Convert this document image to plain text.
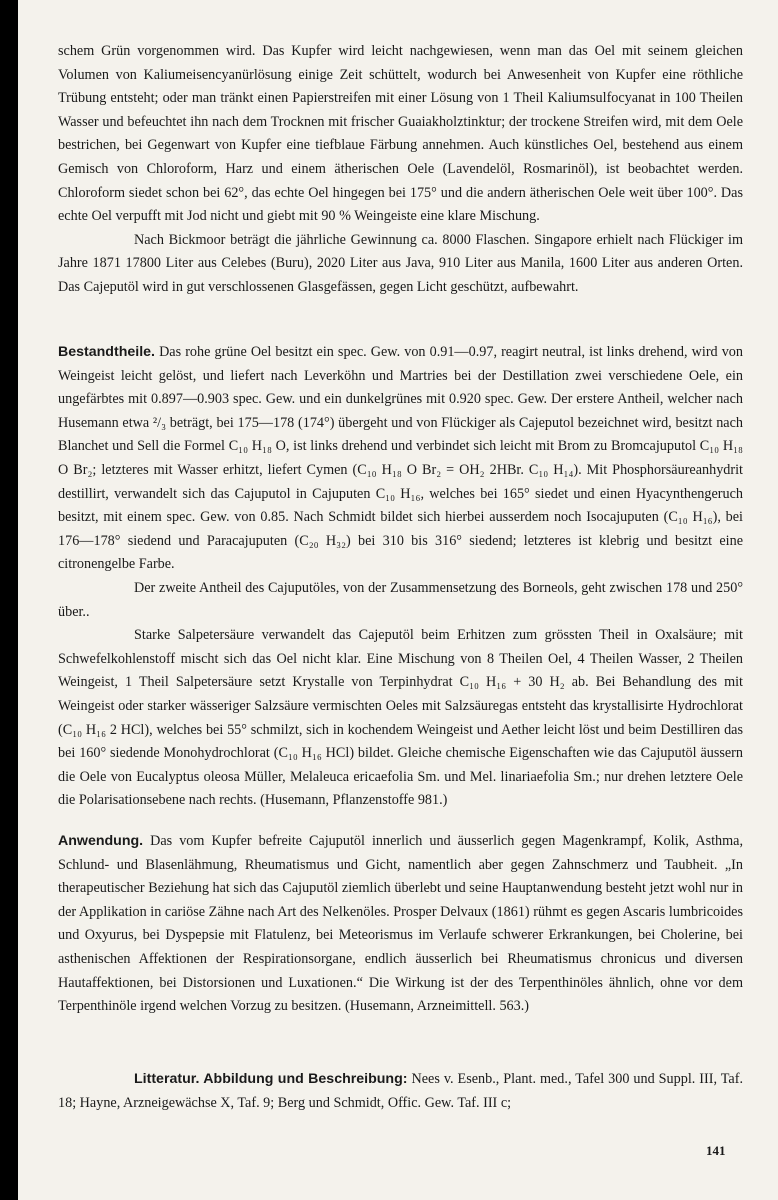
schem Grün vorgenommen wird. Das Kupfer wird leicht nachgewiesen, wenn man das Oel mit seinem gleichen Volumen von Kaliumeisencyanürlösung einige Zeit schüttelt, wodurch bei Anwesenheit von Kupfer eine röthliche Trübung entsteht; oder man tränkt einen Papierstreifen mit einer Lösung von 1 Theil Kaliumsulfocyanat in 100 Theilen Wasser und befeuchtet ihn nach dem Trocknen mit frischer Guaiakholztinktur; der trockene Streifen wird, mit dem Oele bestrichen, bei Gegenwart von Kupfer eine tiefblaue Färbung annehmen. Auch künstliches Oel, bestehend aus einem Gemisch von Chloroform, Harz und einem ätherischen Oele (Lavendelöl, Rosmarinöl), ist beobachtet werden. Chloroform siedet schon bei 62°, das echte Oel hingegen bei 175° und die andern ätherischen Oele weit über 100°. Das echte Oel verpufft mit Jod nicht und giebt mit 90 % Weingeiste eine klare Mischung.

Nach Bickmoor beträgt die jährliche Gewinnung ca. 8000 Flaschen. Singapore erhielt nach Flückiger im Jahre 1871 17800 Liter aus Celebes (Buru), 2020 Liter aus Java, 910 Liter aus Manila, 1600 Liter aus anderen Orten. Das Cajeputöl wird in gut verschlossenen Glasgefässen, gegen Licht geschützt, aufbewahrt.

Bestandtheile. Das rohe grüne Oel besitzt ein spec. Gew. von 0.91—0.97, reagirt neutral, ist links drehend, wird von Weingeist leicht gelöst, und liefert nach Leverköhn und Martries bei der Destillation zwei verschiedene Oele, ein ungefärbtes mit 0.897—0.903 spec. Gew. und ein dunkelgrünes mit 0.920 spec. Gew. Der erstere Antheil, welcher nach Husemann etwa ²/₃ beträgt, bei 175—178 (174°) übergeht und von Flückiger als Cajeputol bezeichnet wird, besitzt nach Blanchet und Sell die Formel C₁₀ H₁₈ O, ist links drehend und verbindet sich leicht mit Brom zu Bromcajuputol C₁₀ H₁₈ O Br₂; letzteres mit Wasser erhitzt, liefert Cymen (C₁₀ H₁₈ O Br₂ = OH₂ 2HBr. C₁₀ H₁₄). Mit Phosphorsäureanhydrit destillirt, verwandelt sich das Cajuputol in Cajuputen C₁₀ H₁₆, welches bei 165° siedet und einen Hyacynthengeruch besitzt, mit einem spec. Gew. von 0.85. Nach Schmidt bildet sich hierbei ausserdem noch Isocajuputen (C₁₀ H₁₆), bei 176—178° siedend und Paracajuputen (C₂₀ H₃₂) bei 310 bis 316° siedend; letzteres ist klebrig und besitzt eine citronengelbe Farbe.

Der zweite Antheil des Cajuputöles, von der Zusammensetzung des Borneols, geht zwischen 178 und 250° über..

Starke Salpetersäure verwandelt das Cajeputöl beim Erhitzen zum grössten Theil in Oxalsäure; mit Schwefelkohlenstoff mischt sich das Oel nicht klar. Eine Mischung von 8 Theilen Oel, 4 Theilen Wasser, 2 Theilen Weingeist, 1 Theil Salpetersäure setzt Krystalle von Terpinhydrat C₁₀ H₁₆ + 30 H₂ ab. Bei Behandlung des mit Weingeist oder starker wässeriger Salzsäure vermischten Oeles mit Salzsäuregas entsteht das krystallisirte Hydrochlorat (C₁₀ H₁₆ 2 HCl), welches bei 55° schmilzt, sich in kochendem Weingeist und Aether leicht löst und beim Destilliren das bei 160° siedende Monohydrochlorat (C₁₀ H₁₆ HCl) bildet. Gleiche chemische Eigenschaften wie das Cajuputöl äussern die Oele von Eucalyptus oleosa Müller, Melaleuca ericaefolia Sm. und Mel. linariaefolia Sm.; nur drehen letztere Oele die Polarisationsebene nach rechts. (Husemann, Pflanzenstoffe 981.)

Anwendung. Das vom Kupfer befreite Cajuputöl innerlich und äusserlich gegen Magenkrampf, Kolik, Asthma, Schlund- und Blasenlähmung, Rheumatismus und Gicht, namentlich aber gegen Zahnschmerz und Taubheit. „In therapeutischer Beziehung hat sich das Cajuputöl ziemlich überlebt und seine Hauptanwendung besteht jetzt wohl nur in der Applikation in cariöse Zähne nach Art des Nelkenöles. Prosper Delvaux (1861) rühmt es gegen Ascaris lumbricoides und Oxyurus, bei Dyspepsie mit Flatulenz, bei Meteorismus im Verlaufe schwerer Erkrankungen, bei Cholerine, bei asthenischen Affektionen der Respirationsorgane, endlich äusserlich bei Rheumatismus chronicus und diversen Hautaffektionen, bei Distorsionen und Luxationen.“ Die Wirkung ist der des Terpenthinöles ähnlich, ohne vor dem Terpenthinöle irgend welchen Vorzug zu besitzen. (Husemann, Arzneimittell. 563.)

Litteratur. Abbildung und Beschreibung: Nees v. Esenb., Plant. med., Tafel 300 und Suppl. III, Taf. 18; Hayne, Arzneigewächse X, Taf. 9; Berg und Schmidt, Offic. Gew. Taf. III c;

141
